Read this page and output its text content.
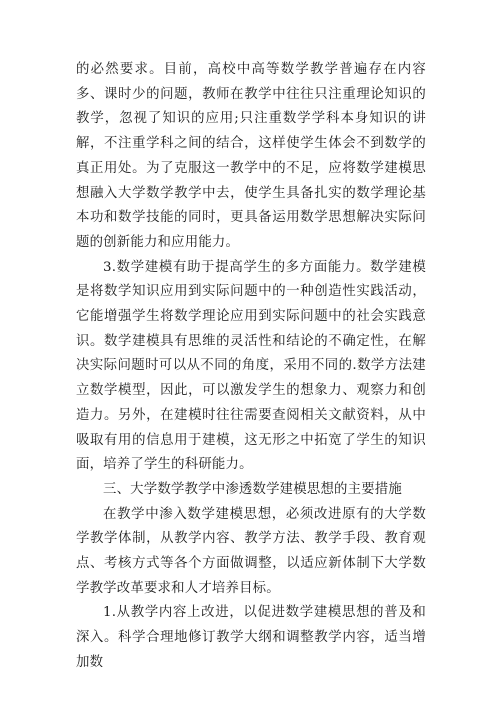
的必然要求。目前，高校中高等数学教学普遍存在内容多、课时少的问题，教师在教学中往往只注重理论知识的教学，忽视了知识的应用;只注重数学学科本身知识的讲解，不注重学科之间的结合，这样使学生体会不到数学的真正用处。为了克服这一教学中的不足，应将数学建模思想融入大学数学教学中去，使学生具备扎实的数学理论基本功和数学技能的同时，更具备运用数学思想解决实际问题的创新能力和应用能力。

3.数学建模有助于提高学生的多方面能力。数学建模是将数学知识应用到实际问题中的一种创造性实践活动，它能增强学生将数学理论应用到实际问题中的社会实践意识。数学建模具有思维的灵活性和结论的不确定性，在解决实际问题时可以从不同的角度，采用不同的.数学方法建立数学模型，因此，可以激发学生的想象力、观察力和创造力。另外，在建模时往往需要查阅相关文献资料，从中吸取有用的信息用于建模，这无形之中拓宽了学生的知识面，培养了学生的科研能力。

三、大学数学教学中渗透数学建模思想的主要措施

在教学中渗入数学建模思想，必须改进原有的大学数学教学体制，从教学内容、教学方法、教学手段、教育观点、考核方式等各个方面做调整，以适应新体制下大学数学教学改革要求和人才培养目标。

1.从教学内容上改进，以促进数学建模思想的普及和深入。科学合理地修订教学大纲和调整教学内容，适当增加数
